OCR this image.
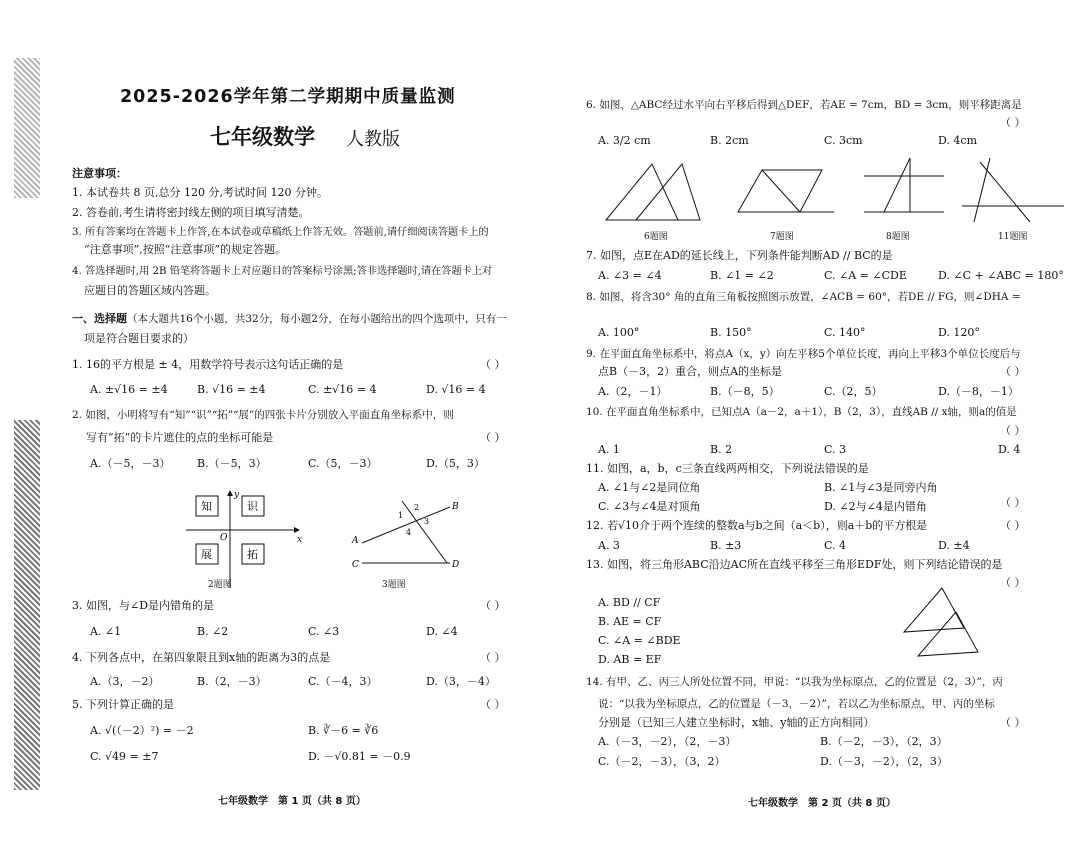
2025-2026学年第二学期期中质量监测
七年级数学 人教版
注意事项：
1. 本试卷共 8 页,总分 120 分,考试时间 120 分钟。
2. 答卷前,考生请将密封线左侧的项目填写清楚。
3. 所有答案均在答题卡上作答,在本试卷或草稿纸上作答无效。答题前,请仔细阅读答题卡上的
“注意事项”,按照“注意事项”的规定答题。
4. 答选择题时,用 2B 铅笔将答题卡上对应题目的答案标号涂黑;答非选择题时,请在答题卡上对
应题目的答题区域内答题。
一、选择题（本大题共16个小题，共32分，每小题2分，在每小题给出的四个选项中，只有一
项是符合题目要求的）
1. 16的平方根是 ± 4，用数学符号表示这句话正确的是	（ ）
A. ±√16 = ±4	B. √16 = ±4	C. ±√16 = 4	D. √16 = 4
2. 如图，小明将写有“知”“识”“拓”“展”的四张卡片分别放入平面直角坐标系中，则
写有“拓”的卡片遮住的点的坐标可能是	（ ）
A.（－5，－3） B.（－5，3）	C.（5，－3）	D.（5，3）
x
y
O
知	识
展	拓
2题图
A
B
C	D
1
2
3
4
3题图
3. 如图，与∠D是内错角的是	（ ）
A. ∠1	B. ∠2	C. ∠3	D. ∠4
4. 下列各点中，在第四象限且到x轴的距离为3的点是	（ ）
A.（3，－2）	B.（2，－3）	C.（－4，3）	D.（3，－4）
5. 下列计算正确的是	（ ）
A. √(（－2）²) = －2	B. ∛－6 = ∛6
C. √49 = ±7	D. －√0.81 = －0.9
七年级数学　第 1 页（共 8 页）
6. 如图，△ABC经过水平向右平移后得到△DEF，若AE = 7cm，BD = 3cm，则平移距离是
（ ）
A. 3/2 cm	B. 2cm	C. 3cm	D. 4cm
6题图	7题图	8题图	11题图
7. 如图，点E在AD的延长线上，下列条件能判断AD // BC的是
A. ∠3 = ∠4	B. ∠1 = ∠2	C. ∠A = ∠CDE	D. ∠C + ∠ABC = 180°
8. 如图，将含30° 角的直角三角板按照图示放置，∠ACB = 60°，若DE // FG，则∠DHA =
A. 100°	B. 150°	C. 140°	D. 120°
9. 在平面直角坐标系中，将点A（x，y）向左平移5个单位长度，再向上平移3个单位长度后与
点B（－3，2）重合，则点A的坐标是	（ ）
A.（2，－1）	B.（－8，5）	C.（2，5）	D.（－8，－1）
10. 在平面直角坐标系中，已知点A（a－2，a＋1），B（2，3），直线AB // x轴，则a的值是
（ ）
A. 1	B. 2	C. 3	D. 4
11. 如图，a，b，c三条直线两两相交，下列说法错误的是
A. ∠1与∠2是同位角	B. ∠1与∠3是同旁内角
（ ）
C. ∠3与∠4是对顶角	D. ∠2与∠4是内错角
12. 若√10介于两个连续的整数a与b之间（a＜b），则a＋b的平方根是	（ ）
A. 3	B. ±3	C. 4	D. ±4
13. 如图，将三角形ABC沿边AC所在直线平移至三角形EDF处，则下列结论错误的是
（ ）
A. BD // CF
B. AE = CF
C. ∠A = ∠BDE
D. AB = EF
14. 有甲、乙、丙三人所处位置不同，甲说：“以我为坐标原点，乙的位置是（2，3）”，丙
说：“以我为坐标原点，乙的位置是（－3，－2）”，若以乙为坐标原点，甲、丙的坐标
分别是（已知三人建立坐标时，x轴、y轴的正方向相同）	（ ）
A.（－3，－2），（2，－3）	B.（－2，－3），（2，3）
C.（－2，－3），（3，2）	D.（－3，－2），（2，3）
七年级数学　第 2 页（共 8 页）
